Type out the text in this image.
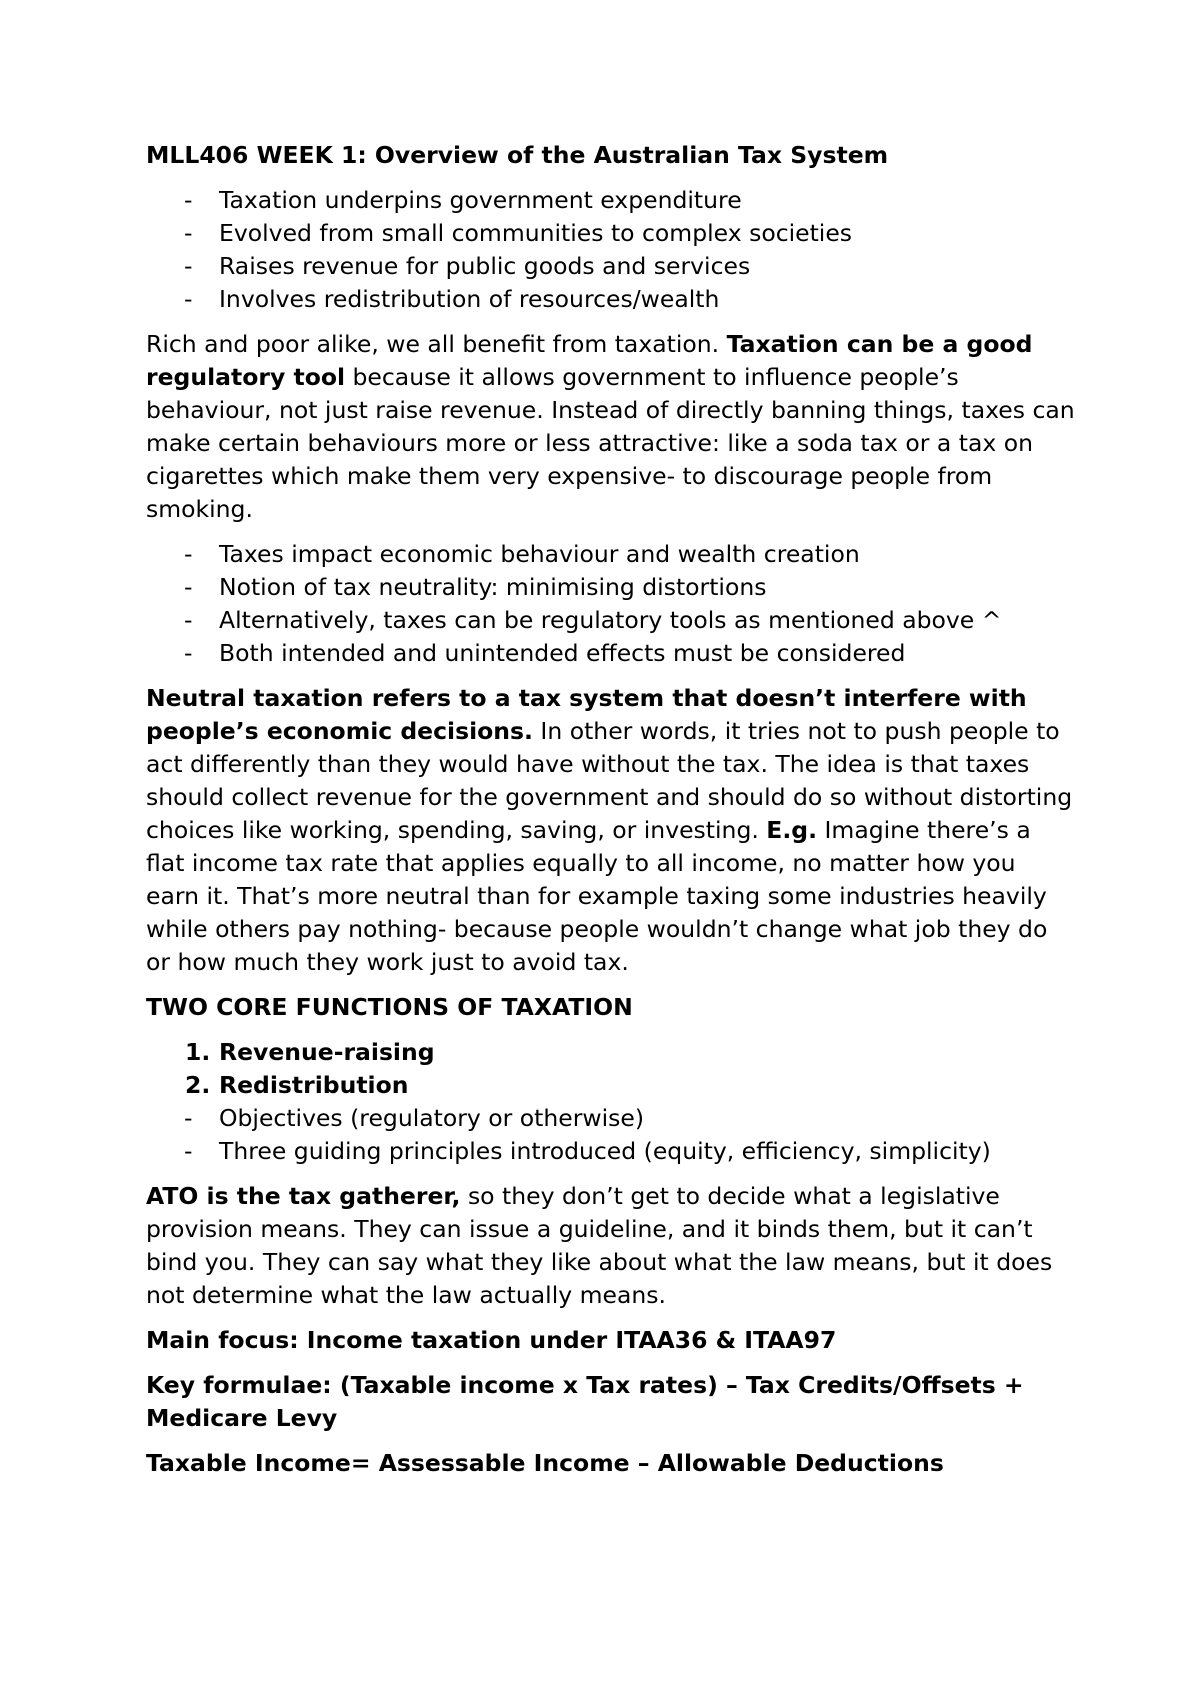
MLL406 WEEK 1: Overview of the Australian Tax System

- Taxation underpins government expenditure
- Evolved from small communities to complex societies
- Raises revenue for public goods and services
- Involves redistribution of resources/wealth

Rich and poor alike, we all benefit from taxation. Taxation can be a good regulatory tool because it allows government to influence people’s behaviour, not just raise revenue. Instead of directly banning things, taxes can make certain behaviours more or less attractive: like a soda tax or a tax on cigarettes which make them very expensive- to discourage people from smoking.

- Taxes impact economic behaviour and wealth creation
- Notion of tax neutrality: minimising distortions
- Alternatively, taxes can be regulatory tools as mentioned above ^
- Both intended and unintended effects must be considered

Neutral taxation refers to a tax system that doesn’t interfere with people’s economic decisions. In other words, it tries not to push people to act differently than they would have without the tax. The idea is that taxes should collect revenue for the government and should do so without distorting choices like working, spending, saving, or investing. E.g. Imagine there’s a flat income tax rate that applies equally to all income, no matter how you earn it. That’s more neutral than for example taxing some industries heavily while others pay nothing- because people wouldn’t change what job they do or how much they work just to avoid tax.

TWO CORE FUNCTIONS OF TAXATION

1. Revenue-raising
2. Redistribution
- Objectives (regulatory or otherwise)
- Three guiding principles introduced (equity, efficiency, simplicity)

ATO is the tax gatherer, so they don’t get to decide what a legislative provision means. They can issue a guideline, and it binds them, but it can’t bind you. They can say what they like about what the law means, but it does not determine what the law actually means.

Main focus: Income taxation under ITAA36 & ITAA97

Key formulae: (Taxable income x Tax rates) – Tax Credits/Offsets + Medicare Levy

Taxable Income= Assessable Income – Allowable Deductions
